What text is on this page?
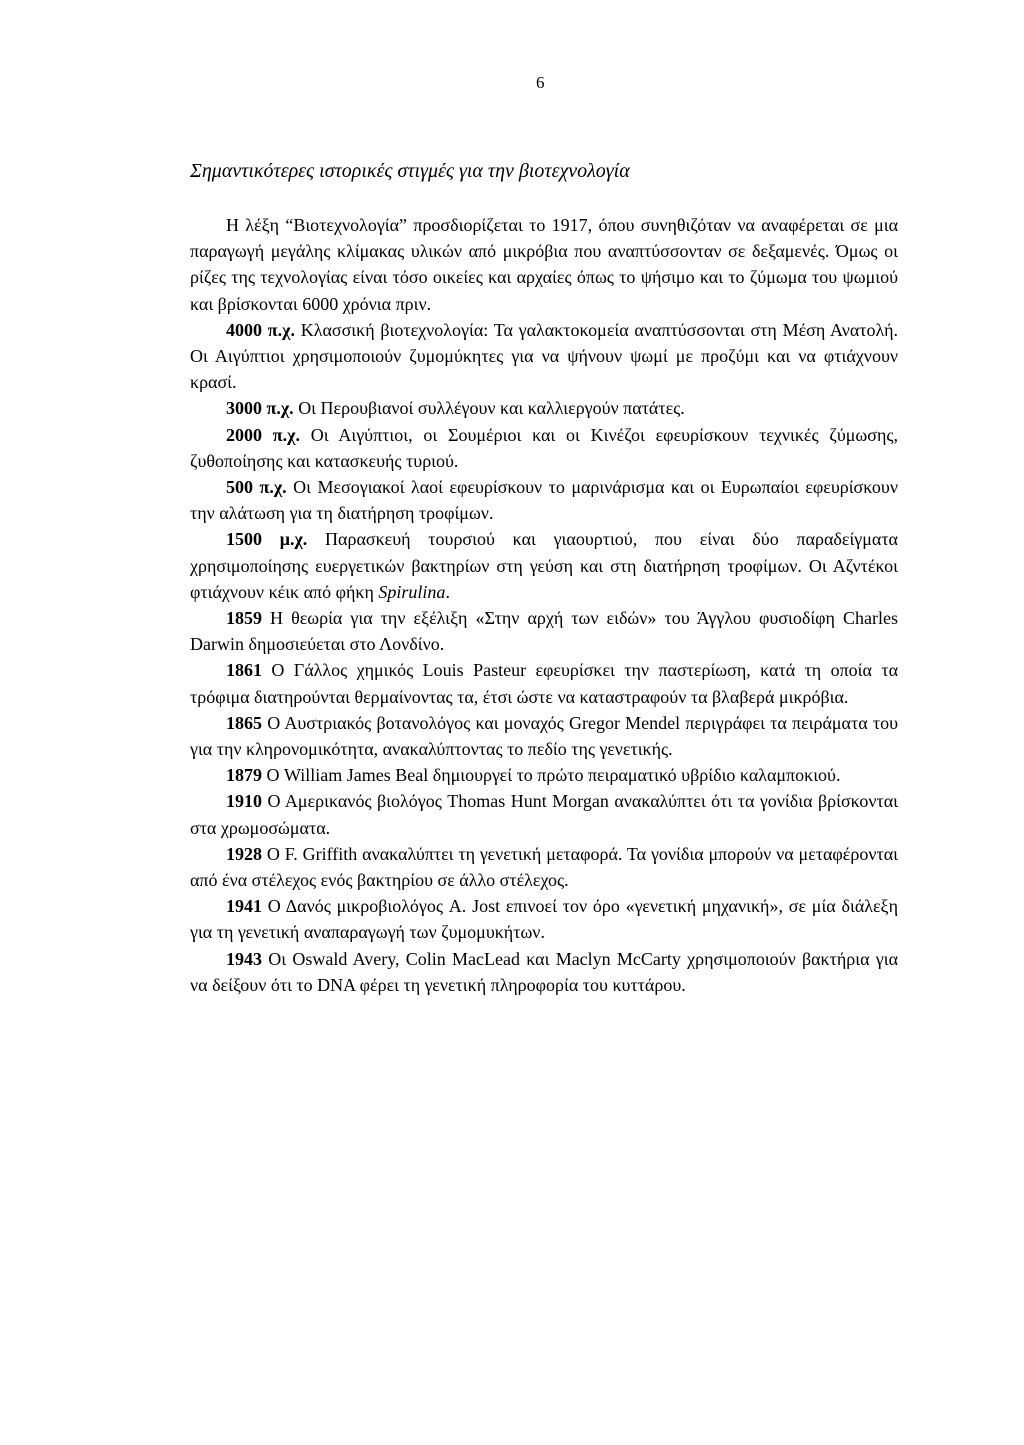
6
Σημαντικότερες ιστορικές στιγμές για την βιοτεχνολογία

Η λέξη “Βιοτεχνολογία” προσδιορίζεται το 1917, όπου συνηθιζόταν να αναφέρεται σε μια παραγωγή μεγάλης κλίμακας υλικών από μικρόβια που αναπτύσσονταν σε δεξαμενές. Όμως οι ρίζες της τεχνολογίας είναι τόσο οικείες και αρχαίες όπως το ψήσιμο και το ζύμωμα του ψωμιού και βρίσκονται 6000 χρόνια πριν.

4000 π.χ. Κλασσική βιοτεχνολογία: Τα γαλακτοκομεία αναπτύσσονται στη Μέση Ανατολή. Οι Αιγύπτιοι χρησιμοποιούν ζυμομύκητες για να ψήνουν ψωμί με προζύμι και να φτιάχνουν κρασί.

3000 π.χ. Οι Περουβιανοί συλλέγουν και καλλιεργούν πατάτες.

2000 π.χ. Οι Αιγύπτιοι, οι Σουμέριοι και οι Κινέζοι εφευρίσκουν τεχνικές ζύμωσης, ζυθοποίησης και κατασκευής τυριού.

500 π.χ. Οι Μεσογιακοί λαοί εφευρίσκουν το μαρινάρισμα και οι Ευρωπαίοι εφευρίσκουν την αλάτωση για τη διατήρηση τροφίμων.

1500 μ.χ. Παρασκευή τουρσιού και γιαουρτιού, που είναι δύο παραδείγματα χρησιμοποίησης ευεργετικών βακτηρίων στη γεύση και στη διατήρηση τροφίμων. Οι Αζντέκοι φτιάχνουν κέικ από φήκη Spirulina.

1859 Η θεωρία για την εξέλιξη «Στην αρχή των ειδών» του Άγγλου φυσιοδίφη Charles Darwin δημοσιεύεται στο Λονδίνο.

1861 Ο Γάλλος χημικός Louis Pasteur εφευρίσκει την παστερίωση, κατά τη οποία τα τρόφιμα διατηρούνται θερμαίνοντας τα, έτσι ώστε να καταστραφούν τα βλαβερά μικρόβια.

1865 Ο Αυστριακός βοτανολόγος και μοναχός Gregor Mendel περιγράφει τα πειράματα του για την κληρονομικότητα, ανακαλύπτοντας το πεδίο της γενετικής.

1879 Ο William James Beal δημιουργεί το πρώτο πειραματικό υβρίδιο καλαμποκιού.

1910 Ο Αμερικανός βιολόγος Thomas Hunt Morgan ανακαλύπτει ότι τα γονίδια βρίσκονται στα χρωμοσώματα.

1928 Ο F. Griffith ανακαλύπτει τη γενετική μεταφορά. Τα γονίδια μπορούν να μεταφέρονται από ένα στέλεχος ενός βακτηρίου σε άλλο στέλεχος.

1941 Ο Δανός μικροβιολόγος A. Jost επινοεί τον όρο «γενετική μηχανική», σε μία διάλεξη για τη γενετική αναπαραγωγή των ζυμομυκήτων.

1943 Οι Oswald Avery, Colin MacLead και Maclyn McCarty χρησιμοποιούν βακτήρια για να δείξουν ότι το DNA φέρει τη γενετική πληροφορία του κυττάρου.
